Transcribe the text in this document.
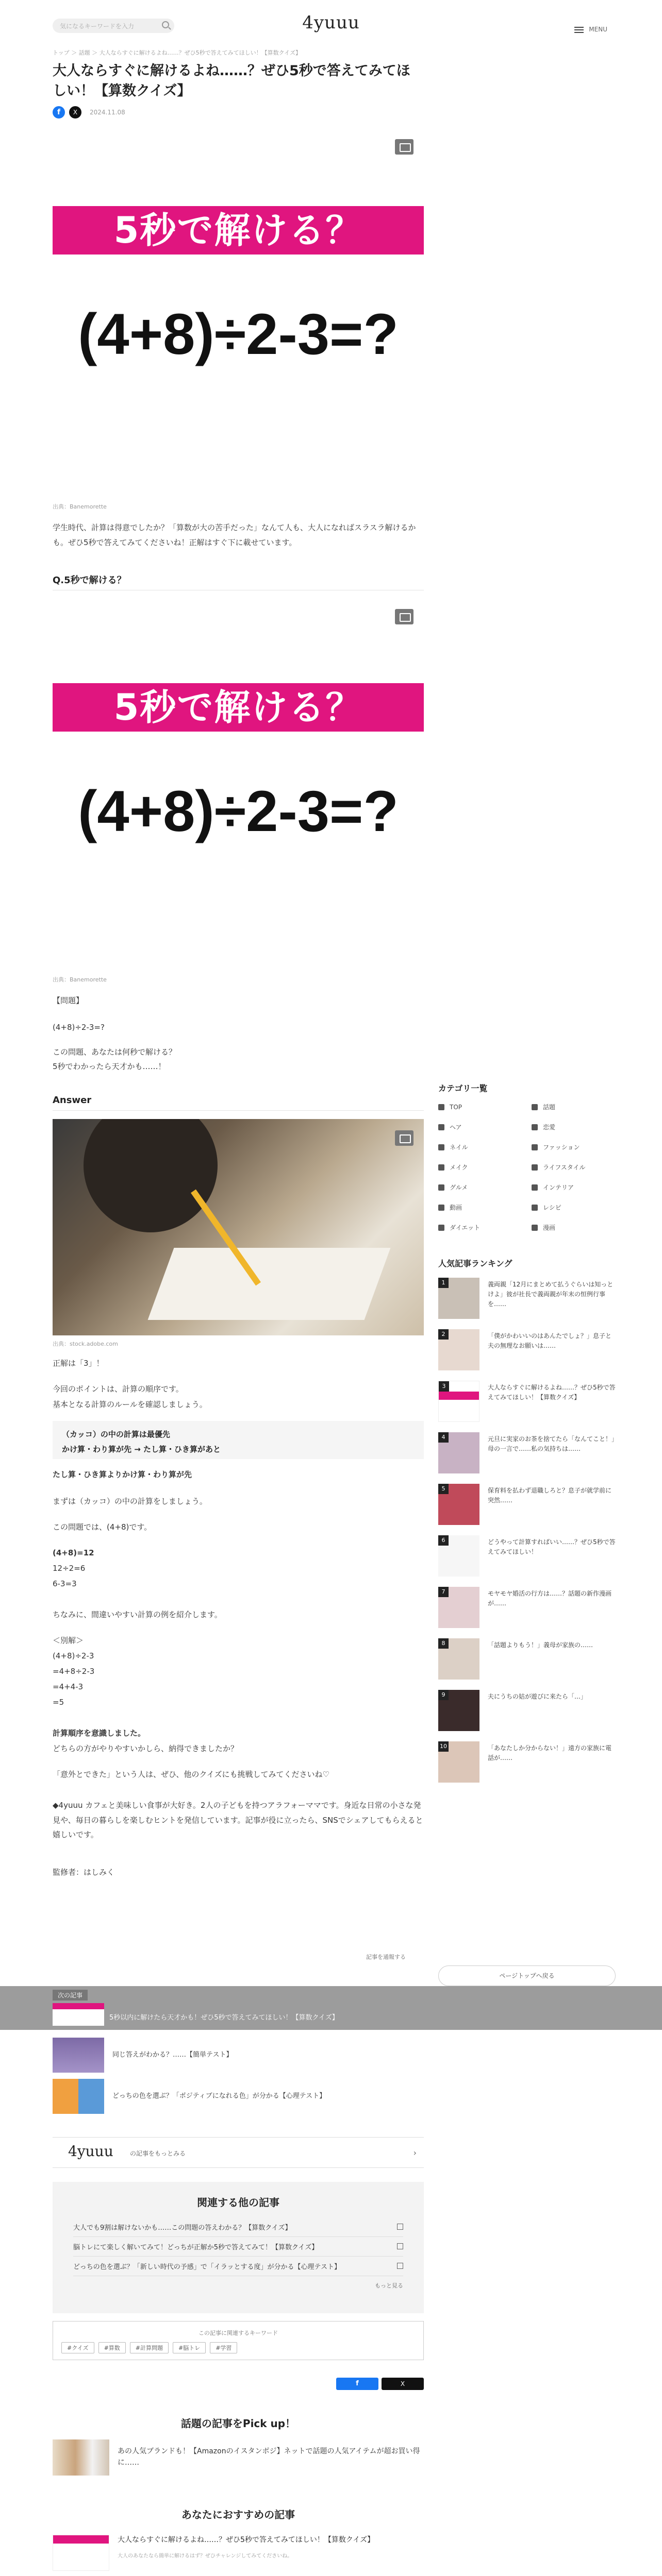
気になるキーワードを入力	4yuuu	MENU
トップ ＞ 話題 ＞ 大人ならすぐに解けるよね……？ぜひ5秒で答えてみてほしい！【算数クイズ】
大人ならすぐに解けるよね……？ぜひ5秒で答えてみてほしい！【算数クイズ】
f	X	2024.11.08
5秒で解ける？
(4+8)÷2-3=?
出典：Banemorette
学生時代、計算は得意でしたか？「算数が大の苦手だった」なんて人も、大人になればスラスラ解けるかも。ぜひ5秒で答えてみてくださいね！正解はすぐ下に載せています。
Q.5秒で解ける？
5秒で解ける？
(4+8)÷2-3=?
出典：Banemorette
【問題】
(4+8)÷2-3=?
この問題、あなたは何秒で解ける？
5秒でわかったら天才かも……！
Answer
出典：stock.adobe.com
正解は「3」！
今回のポイントは、計算の順序です。
基本となる計算のルールを確認しましょう。
（カッコ）の中の計算は最優先
かけ算・わり算が先 → たし算・ひき算があと
たし算・ひき算よりかけ算・わり算が先
まずは（カッコ）の中の計算をしましょう。
この問題では、(4+8)です。
(4+8)=12
12÷2=6
6-3=3
ちなみに、間違いやすい計算の例を紹介します。
＜別解＞
(4+8)÷2-3
=4+8÷2-3
=4+4-3
=5
計算順序を意識しました。
どちらの方がやりやすいかしら、納得できましたか？
「意外とできた」という人は、ぜひ、他のクイズにも挑戦してみてくださいね♡
◆4yuuu カフェと美味しい食事が大好き。2人の子どもを持つアラフォーママです。身近な日常の小さな発見や、毎日の暮らしを楽しむヒントを発信しています。記事が役に立ったら、SNSでシェアしてもらえると嬉しいです。
監修者：はしみく
記事を通報する
カテゴリ一覧
TOP	話題
ヘア	恋愛
ネイル	ファッション
メイク	ライフスタイル
グルメ	インテリア
動画	レシピ
ダイエット	漫画
人気記事ランキング
1	義両親「12月にまとめて払うぐらいは知っとけよ」彼が社長で義両親が年末の恒例行事を……
2	「僕がかわいいのはあんたでしょ？」息子と夫の無理なお願いは……
3	大人ならすぐに解けるよね……？ぜひ5秒で答えてみてほしい！【算数クイズ】
4	元旦に実家のお茶を捨てたら「なんてこと！」母の一言で……私の気持ちは……
5	保育料を払わず退職しろと？息子が就学前に突然……
6	どうやって計算すればいい……？ぜひ5秒で答えてみてほしい！
7	モヤモヤ婚活の行方は……？話題の新作漫画が……
8	「話題よりもう！」義母が家族の……
9	夫にうちの姑が遊びに来たら「…」
10	「あなたしか分からない！」遠方の家族に電話が……
ページトップへ戻る
次の記事
5秒以内に解けたら天才かも！ぜひ5秒で答えてみてほしい！【算数クイズ】
同じ答えがわかる？……【簡単テスト】
どっちの色を選ぶ？「ポジティブになれる色」が分かる【心理テスト】
4yuuu	の記事をもっとみる	›
関連する他の記事
大人でも9割は解けないかも……この問題の答えわかる？【算数クイズ】
脳トレにて楽しく解いてみて！どっちが正解か5秒で答えてみて！【算数クイズ】
どっちの色を選ぶ？「新しい時代の予感」で「イラッとする度」が分かる【心理テスト】
もっと見る
この記事に関連するキーワード
#クイズ	#算数	#計算問題	#脳トレ	#学習
f	X
話題の記事をPick up！
あの人気ブランドも！【Amazonのイスタンボジ】ネットで話題の人気アイテムが超お買い得に……
あなたにおすすめの記事
大人ならすぐに解けるよね……？ぜひ5秒で答えてみてほしい！【算数クイズ】
大人のあなたなら簡単に解けるはず？ぜひチャレンジしてみてくださいね。
